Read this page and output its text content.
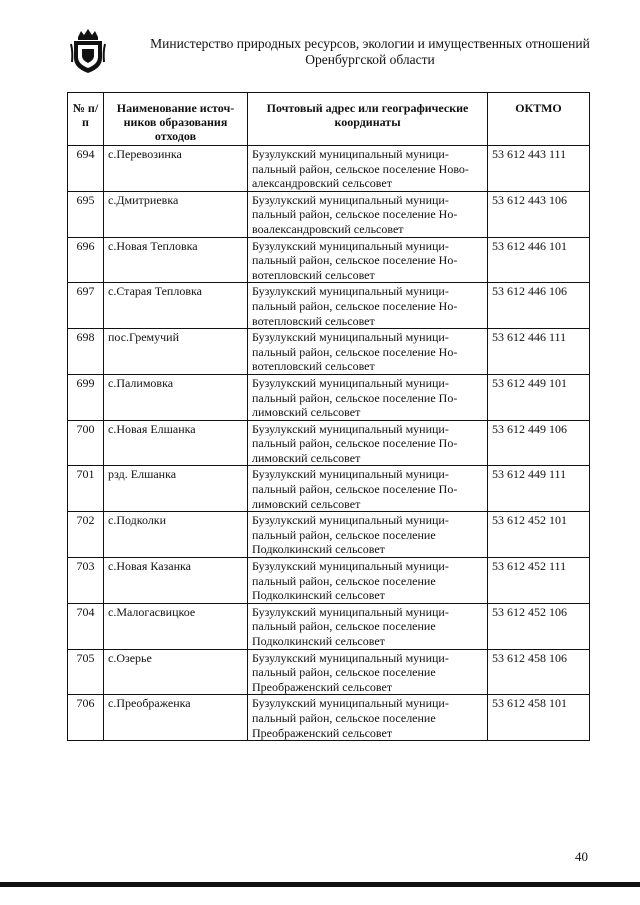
Министерство природных ресурсов, экологии и имущественных отношений
Оренбургской области
№ п/п	Наименование источ-ников образования отходов	Почтовый адрес или географические координаты	ОКТМО
694	с.Перевозинка	Бузулукский муниципальный муници-пальный район, сельское поселение Ново-александровский сельсовет	53 612 443 111
695	с.Дмитриевка	Бузулукский муниципальный муници-пальный район, сельское поселение Но-воалександровский сельсовет	53 612 443 106
696	с.Новая Тепловка	Бузулукский муниципальный муници-пальный район, сельское поселение Но-вотепловский сельсовет	53 612 446 101
697	с.Старая Тепловка	Бузулукский муниципальный муници-пальный район, сельское поселение Но-вотепловский сельсовет	53 612 446 106
698	пос.Гремучий	Бузулукский муниципальный муници-пальный район, сельское поселение Но-вотепловский сельсовет	53 612 446 111
699	с.Палимовка	Бузулукский муниципальный муници-пальный район, сельское поселение По-лимовский сельсовет	53 612 449 101
700	с.Новая Елшанка	Бузулукский муниципальный муници-пальный район, сельское поселение По-лимовский сельсовет	53 612 449 106
701	рзд. Елшанка	Бузулукский муниципальный муници-пальный район, сельское поселение По-лимовский сельсовет	53 612 449 111
702	с.Подколки	Бузулукский муниципальный муници-пальный район, сельское поселение Подколкинский сельсовет	53 612 452 101
703	с.Новая Казанка	Бузулукский муниципальный муници-пальный район, сельское поселение Подколкинский сельсовет	53 612 452 111
704	с.Малогасвицкое	Бузулукский муниципальный муници-пальный район, сельское поселение Подколкинский сельсовет	53 612 452 106
705	с.Озерье	Бузулукский муниципальный муници-пальный район, сельское поселение Преображенский сельсовет	53 612 458 106
706	с.Преображенка	Бузулукский муниципальный муници-пальный район, сельское поселение Преображенский сельсовет	53 612 458 101
40
